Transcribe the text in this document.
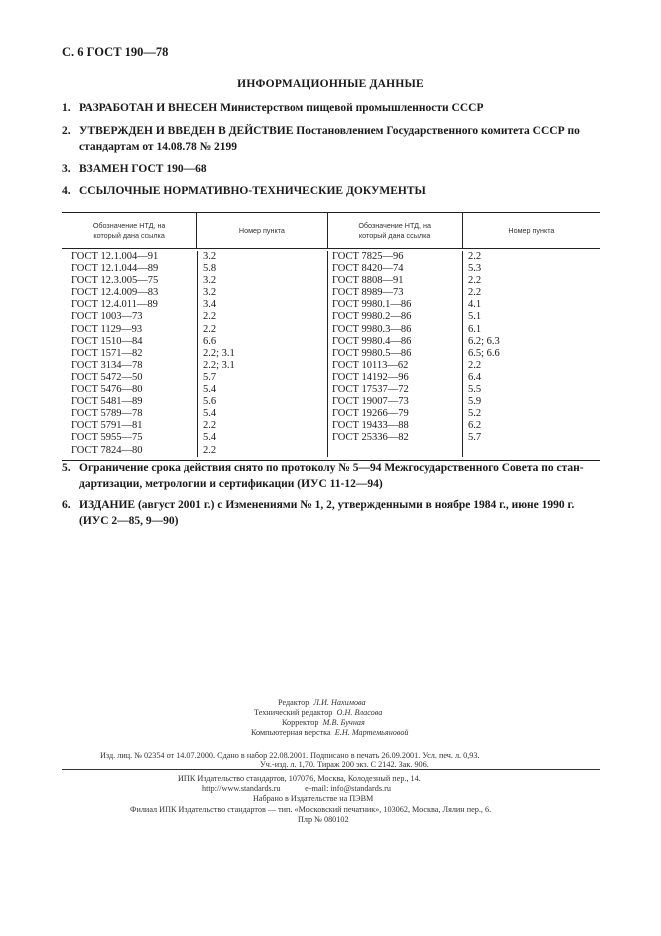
С. 6 ГОСТ 190—78
ИНФОРМАЦИОННЫЕ ДАННЫЕ
1. РАЗРАБОТАН И ВНЕСЕН Министерством пищевой промышленности СССР
2. УТВЕРЖДЕН И ВВЕДЕН В ДЕЙСТВИЕ Постановлением Государственного комитета СССР по
стандартам от 14.08.78 № 2199
3. ВЗАМЕН ГОСТ 190—68
4. ССЫЛОЧНЫЕ НОРМАТИВНО-ТЕХНИЧЕСКИЕ ДОКУМЕНТЫ
Обозначение НТД, на
который дана ссылка
Номер пункта
Обозначение НТД, на
который дана ссылка
Номер пункта
ГОСТ 12.1.004—91
ГОСТ 12.1.044—89
ГОСТ 12.3.005—75
ГОСТ 12.4.009—83
ГОСТ 12.4.011—89
ГОСТ 1003—73
ГОСТ 1129—93
ГОСТ 1510—84
ГОСТ 1571—82
ГОСТ 3134—78
ГОСТ 5472—50
ГОСТ 5476—80
ГОСТ 5481—89
ГОСТ 5789—78
ГОСТ 5791—81
ГОСТ 5955—75
ГОСТ 7824—80
3.2
5.8
3.2
3.2
3.4
2.2
2.2
6.6
2.2; 3.1
2.2; 3.1
5.7
5.4
5.6
5.4
2.2
5.4
2.2
ГОСТ 7825—96
ГОСТ 8420—74
ГОСТ 8808—91
ГОСТ 8989—73
ГОСТ 9980.1—86
ГОСТ 9980.2—86
ГОСТ 9980.3—86
ГОСТ 9980.4—86
ГОСТ 9980.5—86
ГОСТ 10113—62
ГОСТ 14192—96
ГОСТ 17537—72
ГОСТ 19007—73
ГОСТ 19266—79
ГОСТ 19433—88
ГОСТ 25336—82
2.2
5.3
2.2
2.2
4.1
5.1
6.1
6.2; 6.3
6.5; 6.6
2.2
6.4
5.5
5.9
5.2
6.2
5.7
5. Ограничение срока действия снято по протоколу № 5—94 Межгосударственного Совета по стан-
дартизации, метрологии и сертификации (ИУС 11-12—94)
6. ИЗДАНИЕ (август 2001 г.) с Изменениями № 1, 2, утвержденными в ноябре 1984 г., июне 1990 г.
(ИУС 2—85, 9—90)
Редактор Л.И. Нахимова
Технический редактор О.Н. Власова
Корректор М.В. Бучная
Компьютерная верстка Е.Н. Мартемьяновой
Изд. лиц. № 02354 от 14.07.2000. Сдано в набор 22.08.2001. Подписано в печать 26.09.2001. Усл. печ. л. 0,93.
Уч.-изд. л. 1,70. Тираж 200 экз. С 2142. Зак. 906.
ИПК Издательство стандартов, 107076, Москва, Колодезный пер., 14.
http://www.standards.ru	e-mail: info@standards.ru
Набрано в Издательстве на ПЭВМ
Филиал ИПК Издательство стандартов — тип. «Московский печатник», 103062, Москва, Лялин пер., 6.
Плр № 080102
